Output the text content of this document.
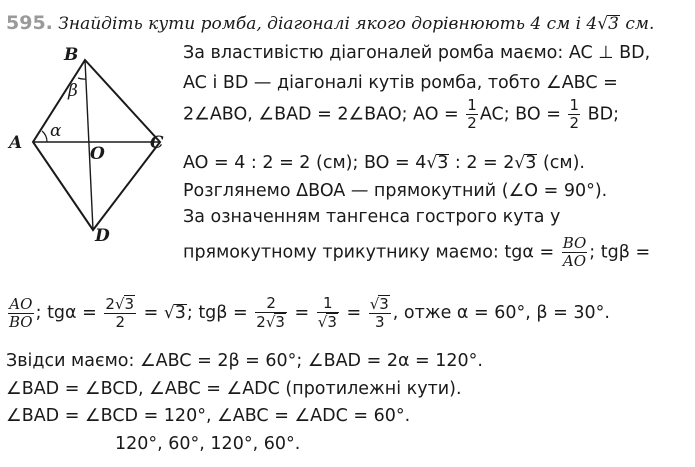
595. Знайдіть кути ромба, діагоналі якого дорівнюють 4 см і 4√3 см.
B
A	C
D
O
α
β
За властивістю діагоналей ромба маємо: AC ⊥ BD,
AC і BD — діагоналі кутів ромба, тобто ∠ABC =
2∠ABO, ∠BAD = 2∠BAO; AO = $\frac{1}{2}$ AC; BO = $\frac{1}{2}$ BD;
AO = 4 : 2 = 2 (см); BO = 4√3 : 2 = 2√3 (см).
Розглянемо ΔBOA — прямокутний (∠O = 90°).
За означенням тангенса гострого кута у
прямокутному трикутнику маємо: $tg\alpha = \frac{BO}{AO}$ ; tgβ =
$\frac{AO}{BO}$ ; $tg\alpha = \frac{2√3}{2} = √3$; $tg\beta = \frac{2}{2√3} = \frac{1}{√3} = \frac{√3}{3}$ , отже α = 60°, β = 30°.
Звідси маємо: ∠ABC = 2β = 60°; ∠BAD = 2α = 120°.
∠BAD = ∠BCD, ∠ABC = ∠ADC (протилежні кути).
∠BAD = ∠BCD = 120°, ∠ABC = ∠ADC = 60°.
120°, 60°, 120°, 60°.
